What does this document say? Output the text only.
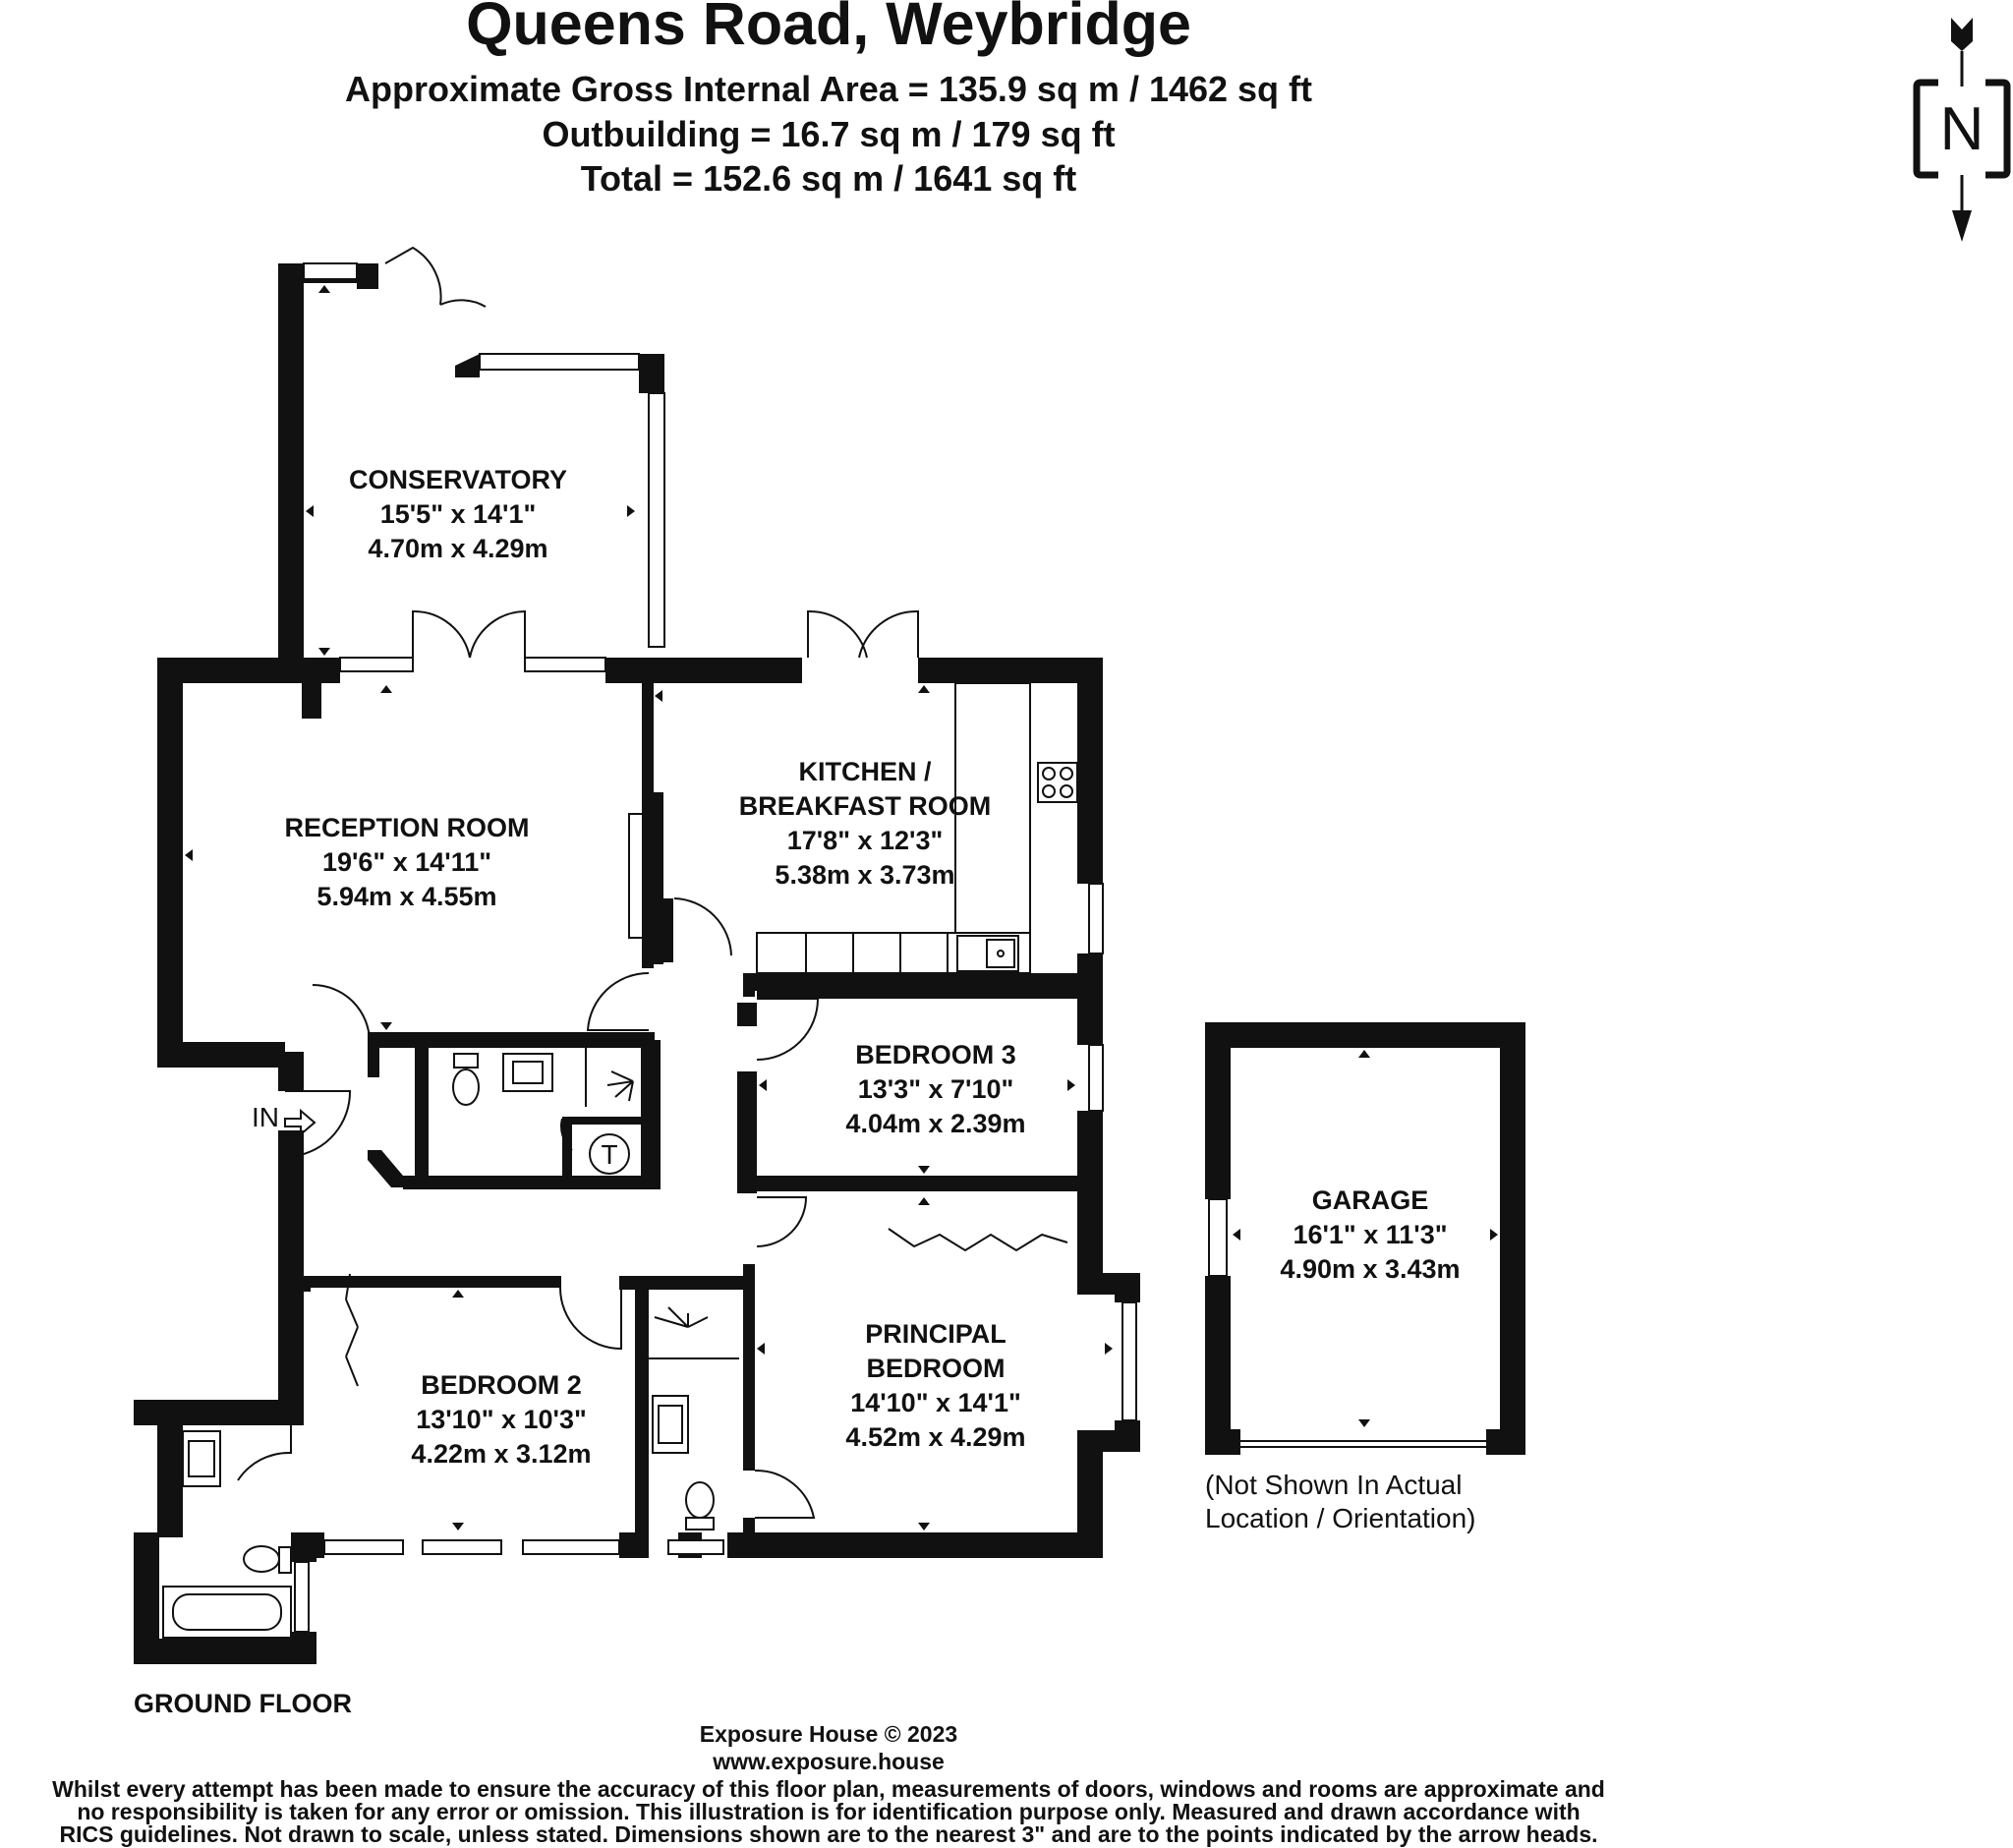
Queens Road, Weybridge
Approximate Gross Internal Area = 135.9 sq m / 1462 sq ft
Outbuilding = 16.7 sq m / 179 sq ft
Total = 152.6 sq m / 1641 sq ft
N
T
CONSERVATORY
15'5" x 14'1"
4.70m x 4.29m
RECEPTION ROOM
19'6" x 14'11"
5.94m x 4.55m
KITCHEN /
BREAKFAST ROOM
17'8" x 12'3"
5.38m x 3.73m
BEDROOM 3
13'3" x 7'10"
4.04m x 2.39m
BEDROOM 2
13'10" x 10'3"
4.22m x 3.12m
PRINCIPAL
BEDROOM
14'10" x 14'1"
4.52m x 4.29m
IN
GROUND FLOOR
GARAGE
16'1" x 11'3"
4.90m x 3.43m
(Not Shown In Actual
Location / Orientation)
Exposure House © 2023
www.exposure.house
Whilst every attempt has been made to ensure the accuracy of this floor plan, measurements of doors, windows and rooms are approximate and
no responsibility is taken for any error or omission. This illustration is for identification purpose only. Measured and drawn accordance with
RICS guidelines. Not drawn to scale, unless stated. Dimensions shown are to the nearest 3" and are to the points indicated by the arrow heads.
